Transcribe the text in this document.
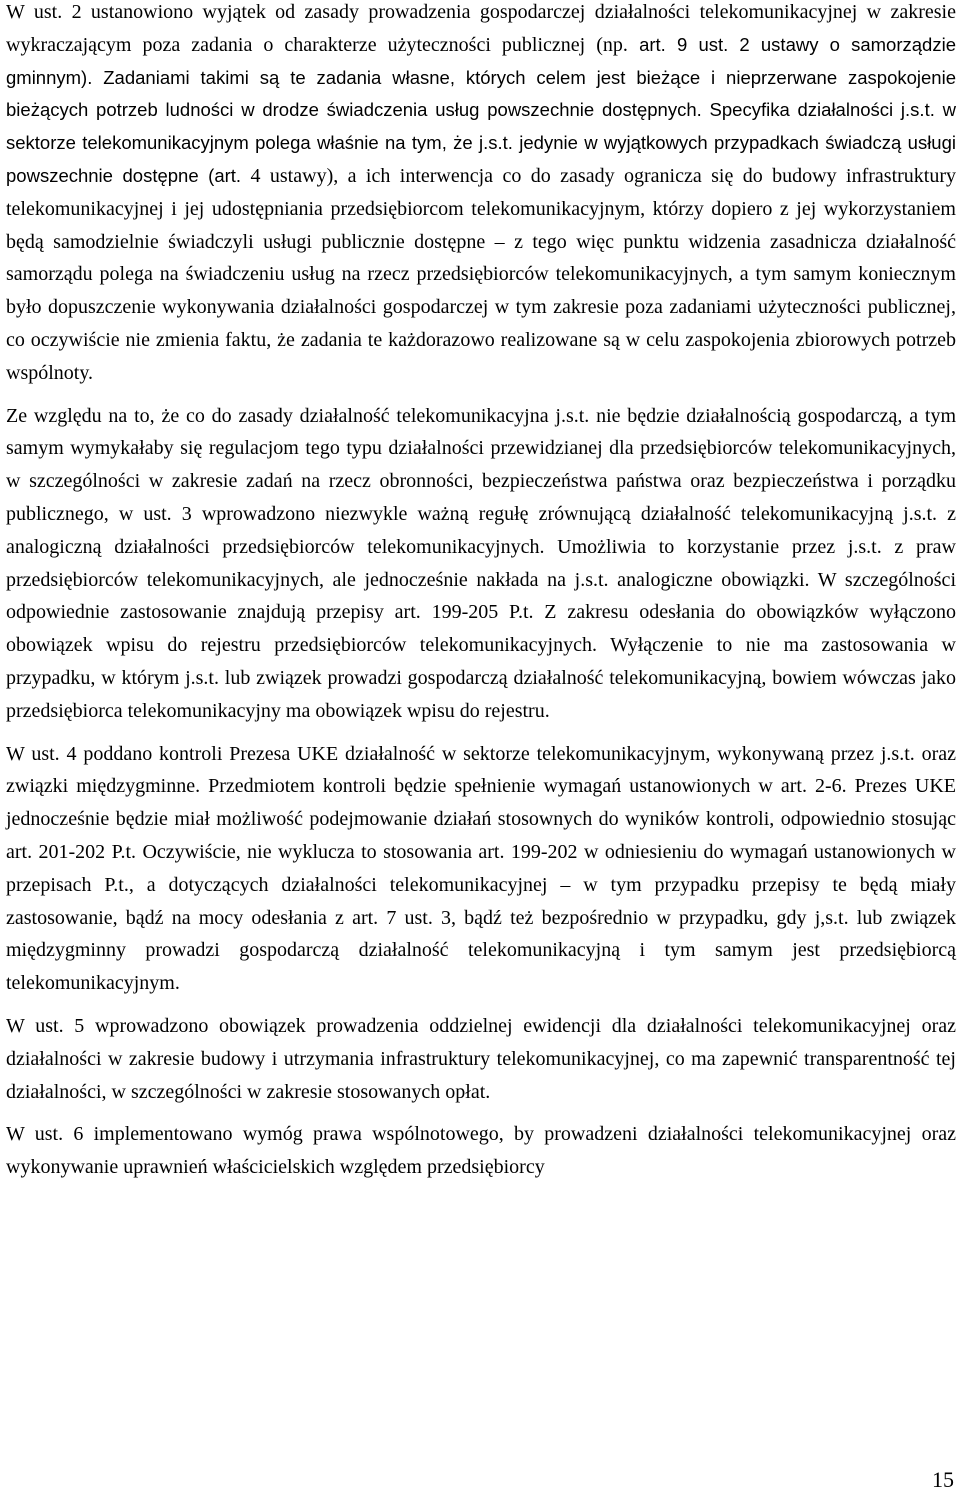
W ust. 2 ustanowiono wyjątek od zasady prowadzenia gospodarczej działalności telekomunikacyjnej w zakresie wykraczającym poza zadania o charakterze użyteczności publicznej (np. art. 9 ust. 2 ustawy o samorządzie gminnym). Zadaniami takimi są te zadania własne, których celem jest bieżące i nieprzerwane zaspokojenie bieżących potrzeb ludności w drodze świadczenia usług powszechnie dostępnych. Specyfika działalności j.s.t. w sektorze telekomunikacyjnym polega właśnie na tym, że j.s.t. jedynie w wyjątkowych przypadkach świadczą usługi powszechnie dostępne (art. 4 ustawy), a ich interwencja co do zasady ogranicza się do budowy infrastruktury telekomunikacyjnej i jej udostępniania przedsiębiorcom telekomunikacyjnym, którzy dopiero z jej wykorzystaniem będą samodzielnie świadczyli usługi publicznie dostępne – z tego więc punktu widzenia zasadnicza działalność samorządu polega na świadczeniu usług na rzecz przedsiębiorców telekomunikacyjnych, a tym samym koniecznym było dopuszczenie wykonywania działalności gospodarczej w tym zakresie poza zadaniami użyteczności publicznej, co oczywiście nie zmienia faktu, że zadania te każdorazowo realizowane są w celu zaspokojenia zbiorowych potrzeb wspólnoty.

Ze względu na to, że co do zasady działalność telekomunikacyjna j.s.t. nie będzie działalnością gospodarczą, a tym samym wymykałaby się regulacjom tego typu działalności przewidzianej dla przedsiębiorców telekomunikacyjnych, w szczególności w zakresie zadań na rzecz obronności, bezpieczeństwa państwa oraz bezpieczeństwa i porządku publicznego, w ust. 3 wprowadzono niezwykle ważną regułę zrównującą działalność telekomunikacyjną j.s.t. z analogiczną działalności przedsiębiorców telekomunikacyjnych. Umożliwia to korzystanie przez j.s.t. z praw przedsiębiorców telekomunikacyjnych, ale jednocześnie nakłada na j.s.t. analogiczne obowiązki. W szczególności odpowiednie zastosowanie znajdują przepisy art. 199-205 P.t. Z zakresu odesłania do obowiązków wyłączono obowiązek wpisu do rejestru przedsiębiorców telekomunikacyjnych. Wyłączenie to nie ma zastosowania w przypadku, w którym j.s.t. lub związek prowadzi gospodarczą działalność telekomunikacyjną, bowiem wówczas jako przedsiębiorca telekomunikacyjny ma obowiązek wpisu do rejestru.

W ust. 4 poddano kontroli Prezesa UKE działalność w sektorze telekomunikacyjnym, wykonywaną przez j.s.t. oraz związki międzygminne. Przedmiotem kontroli będzie spełnienie wymagań ustanowionych w art. 2-6. Prezes UKE jednocześnie będzie miał możliwość podejmowanie działań stosownych do wyników kontroli, odpowiednio stosując art. 201-202 P.t. Oczywiście, nie wyklucza to stosowania art. 199-202 w odniesieniu do wymagań ustanowionych w przepisach P.t., a dotyczących działalności telekomunikacyjnej – w tym przypadku przepisy te będą miały zastosowanie, bądź na mocy odesłania z art. 7 ust. 3, bądź też bezpośrednio w przypadku, gdy j,s.t. lub związek międzygminny prowadzi gospodarczą działalność telekomunikacyjną i tym samym jest przedsiębiorcą telekomunikacyjnym.

W ust. 5 wprowadzono obowiązek prowadzenia oddzielnej ewidencji dla działalności telekomunikacyjnej oraz działalności w zakresie budowy i utrzymania infrastruktury telekomunikacyjnej, co ma zapewnić transparentność tej działalności, w szczególności w zakresie stosowanych opłat.

W ust. 6 implementowano wymóg prawa wspólnotowego, by prowadzeni działalności telekomunikacyjnej oraz wykonywanie uprawnień właścicielskich względem przedsiębiorcy

15
